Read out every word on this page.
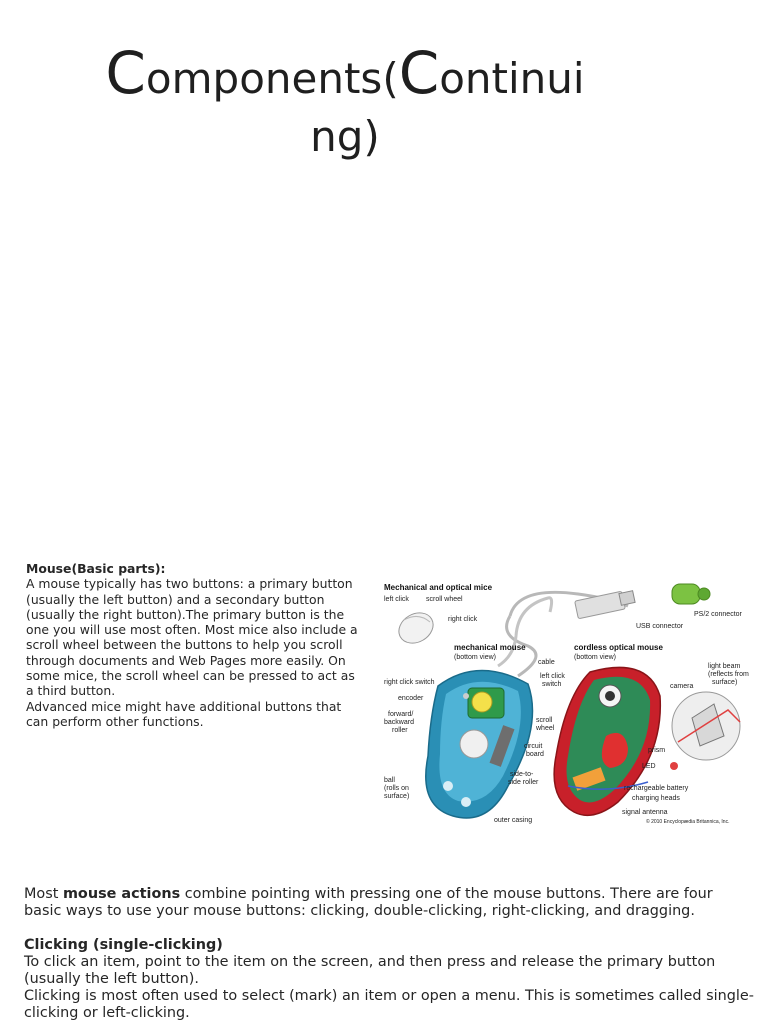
Components(Continui
ng)
Mouse(Basic parts):

A mouse typically has two buttons: a primary button (usually the left button) and a secondary button (usually the right button).The primary button is the one you will use most often. Most mice also include a scroll wheel between the buttons to help you scroll through documents and Web Pages more easily. On some mice, the scroll wheel can be pressed to act as a third button.

Advanced mice might have additional buttons that can perform other functions.

Mechanical and optical mice
left click scroll wheel
right click
USB connector
PS/2 connector
mechanical mouse
(bottom view)
cable
cordless optical mouse
(bottom view)
light beam
(reflects from
surface)
right click switch
left click
switch	camera
encoder
forward/
backward
roller
scroll
wheel
circuit
board
prism
LED
ball
(rolls on
surface)
side-to-
side roller
rechargeable battery
charging heads
signal antenna
outer casing	© 2010 Encyclopædia Britannica, Inc.

Most mouse actions combine pointing with pressing one of the mouse buttons. There are four basic ways to use your mouse buttons: clicking, double-clicking, right-clicking, and dragging.

Clicking (single-clicking)

To click an item, point to the item on the screen, and then press and release the primary button (usually the left button).

Clicking is most often used to select (mark) an item or open a menu. This is sometimes called single-clicking or left-clicking.
